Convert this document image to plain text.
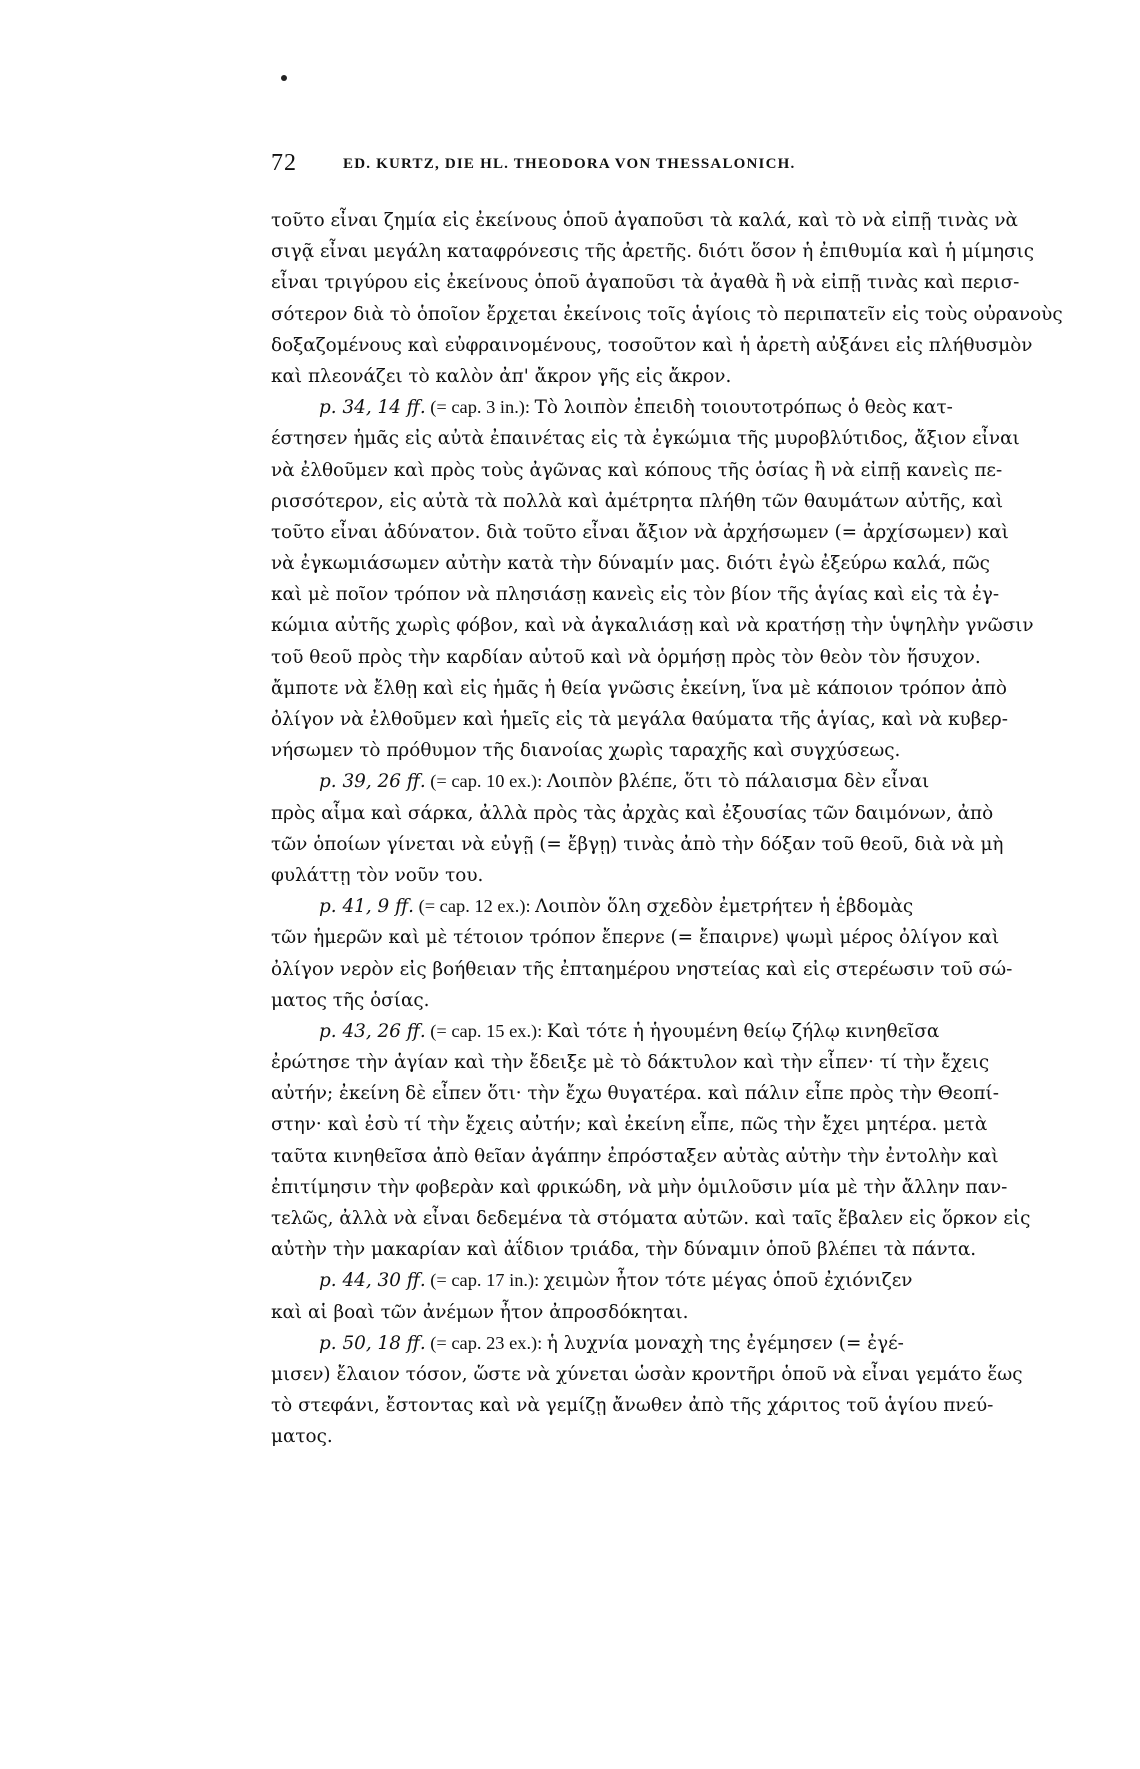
72	ED. KURTZ, DIE HL. THEODORA VON THESSALONICH.
τοῦτο εἶναι ζημία εἰς ἐκείνους ὁποῦ ἀγαποῦσι τὰ καλά, καὶ τὸ νὰ εἰπῇ τινὰς νὰ
σιγᾷ εἶναι μεγάλη καταφρόνεσις τῆς ἀρετῆς. διότι ὅσον ἡ ἐπιθυμία καὶ ἡ μίμησις
εἶναι τριγύρου εἰς ἐκείνους ὁποῦ ἀγαποῦσι τὰ ἀγαθὰ ἢ νὰ εἰπῇ τινὰς καὶ περισ-
σότερον διὰ τὸ ὁποῖον ἔρχεται ἐκείνοις τοῖς ἁγίοις τὸ περιπατεῖν εἰς τοὺς οὐρανοὺς
δοξαζομένους καὶ εὐφραινομένους, τοσοῦτον καὶ ἡ ἀρετὴ αὐξάνει εἰς πλήθυσμὸν
καὶ πλεονάζει τὸ καλὸν ἀπ' ἄκρον γῆς εἰς ἄκρον.
p. 34, 14 ff. (= cap. 3 in.): Τὸ λοιπὸν ἐπειδὴ τοιουτοτρόπως ὁ θεὸς κατ-
έστησεν ἡμᾶς εἰς αὐτὰ ἐπαινέτας εἰς τὰ ἐγκώμια τῆς μυροβλύτιδος, ἄξιον εἶναι
νὰ ἐλθοῦμεν καὶ πρὸς τοὺς ἀγῶνας καὶ κόπους τῆς ὁσίας ἢ νὰ εἰπῇ κανεὶς πε-
ρισσότερον, εἰς αὐτὰ τὰ πολλὰ καὶ ἀμέτρητα πλήθη τῶν θαυμάτων αὐτῆς, καὶ
τοῦτο εἶναι ἀδύνατον. διὰ τοῦτο εἶναι ἄξιον νὰ ἀρχήσωμεν (= ἀρχίσωμεν) καὶ
νὰ ἐγκωμιάσωμεν αὐτὴν κατὰ τὴν δύναμίν μας. διότι ἐγὼ ἐξεύρω καλά, πῶς
καὶ μὲ ποῖον τρόπον νὰ πλησιάσῃ κανεὶς εἰς τὸν βίον τῆς ἁγίας καὶ εἰς τὰ ἐγ-
κώμια αὐτῆς χωρὶς φόβον, καὶ νὰ ἀγκαλιάσῃ καὶ νὰ κρατήσῃ τὴν ὑψηλὴν γνῶσιν
τοῦ θεοῦ πρὸς τὴν καρδίαν αὐτοῦ καὶ νὰ ὁρμήσῃ πρὸς τὸν θεὸν τὸν ἥσυχον.
ἄμποτε νὰ ἔλθῃ καὶ εἰς ἡμᾶς ἡ θεία γνῶσις ἐκείνη, ἵνα μὲ κάποιον τρόπον ἀπὸ
ὀλίγον νὰ ἐλθοῦμεν καὶ ἡμεῖς εἰς τὰ μεγάλα θαύματα τῆς ἁγίας, καὶ νὰ κυβερ-
νήσωμεν τὸ πρόθυμον τῆς διανοίας χωρὶς ταραχῆς καὶ συγχύσεως.
p. 39, 26 ff. (= cap. 10 ex.): Λοιπὸν βλέπε, ὅτι τὸ πάλαισμα δὲν εἶναι
πρὸς αἷμα καὶ σάρκα, ἀλλὰ πρὸς τὰς ἀρχὰς καὶ ἐξουσίας τῶν δαιμόνων, ἀπὸ
τῶν ὁποίων γίνεται νὰ εὐγῇ (= ἔβγῃ) τινὰς ἀπὸ τὴν δόξαν τοῦ θεοῦ, διὰ νὰ μὴ
φυλάττῃ τὸν νοῦν του.
p. 41, 9 ff. (= cap. 12 ex.): Λοιπὸν ὅλη σχεδὸν ἐμετρήτεν ἡ ἑβδομὰς
τῶν ἡμερῶν καὶ μὲ τέτοιον τρόπον ἔπερνε (= ἔπαιρνε) ψωμὶ μέρος ὀλίγον καὶ
ὀλίγον νερὸν εἰς βοήθειαν τῆς ἐπταημέρου νηστείας καὶ εἰς στερέωσιν τοῦ σώ-
ματος τῆς ὁσίας.
p. 43, 26 ff. (= cap. 15 ex.): Καὶ τότε ἡ ἡγουμένη θείῳ ζήλῳ κινηθεῖσα
ἐρώτησε τὴν ἁγίαν καὶ τὴν ἔδειξε μὲ τὸ δάκτυλον καὶ τὴν εἶπεν· τί τὴν ἔχεις
αὐτήν; ἐκείνη δὲ εἶπεν ὅτι· τὴν ἔχω θυγατέρα. καὶ πάλιν εἶπε πρὸς τὴν Θεοπί-
στην· καὶ ἐσὺ τί τὴν ἔχεις αὐτήν; καὶ ἐκείνη εἶπε, πῶς τὴν ἔχει μητέρα. μετὰ
ταῦτα κινηθεῖσα ἀπὸ θεῖαν ἀγάπην ἐπρόσταξεν αὐτὰς αὐτὴν τὴν ἐντολὴν καὶ
ἐπιτίμησιν τὴν φοβερὰν καὶ φρικώδη, νὰ μὴν ὁμιλοῦσιν μία μὲ τὴν ἄλλην παν-
τελῶς, ἀλλὰ νὰ εἶναι δεδεμένα τὰ στόματα αὐτῶν. καὶ ταῖς ἔβαλεν εἰς ὅρκον εἰς
αὐτὴν τὴν μακαρίαν καὶ ἀΐδιον τριάδα, τὴν δύναμιν ὁποῦ βλέπει τὰ πάντα.
p. 44, 30 ff. (= cap. 17 in.): χειμὼν ἦτον τότε μέγας ὁποῦ ἐχιόνιζεν
καὶ αἱ βοαὶ τῶν ἀνέμων ἦτον ἀπροσδόκηται.
p. 50, 18 ff. (= cap. 23 ex.): ἡ λυχνία μοναχὴ της ἐγέμησεν (= ἐγέ-
μισεν) ἔλαιον τόσον, ὥστε νὰ χύνεται ὡσὰν κροντῆρι ὁποῦ νὰ εἶναι γεμάτο ἕως
τὸ στεφάνι, ἔστοντας καὶ νὰ γεμίζῃ ἄνωθεν ἀπὸ τῆς χάριτος τοῦ ἁγίου πνεύ-
ματος.
